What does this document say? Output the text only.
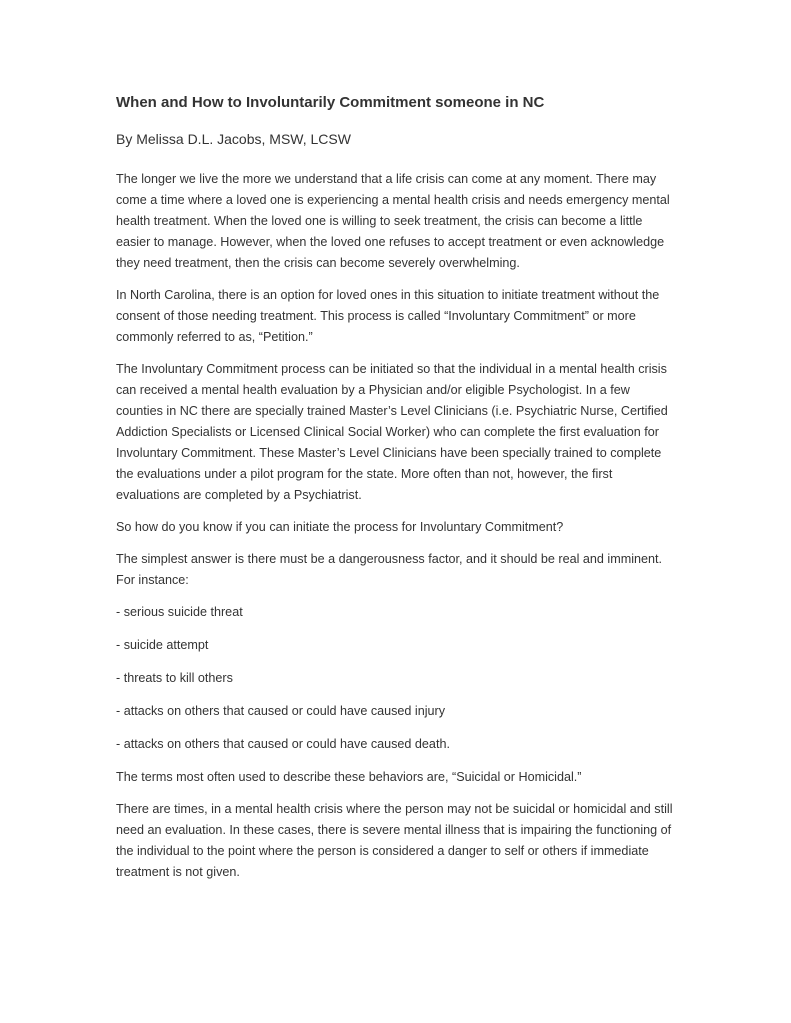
When and How to Involuntarily Commitment someone in NC

By Melissa D.L. Jacobs, MSW, LCSW

The longer we live the more we understand that a life crisis can come at any moment. There may come a time where a loved one is experiencing a mental health crisis and needs emergency mental health treatment. When the loved one is willing to seek treatment, the crisis can become a little easier to manage. However, when the loved one refuses to accept treatment or even acknowledge they need treatment, then the crisis can become severely overwhelming.

In North Carolina, there is an option for loved ones in this situation to initiate treatment without the consent of those needing treatment. This process is called “Involuntary Commitment” or more commonly referred to as, “Petition.”

The Involuntary Commitment process can be initiated so that the individual in a mental health crisis can received a mental health evaluation by a Physician and/or eligible Psychologist. In a few counties in NC there are specially trained Master’s Level Clinicians (i.e. Psychiatric Nurse, Certified Addiction Specialists or Licensed Clinical Social Worker) who can complete the first evaluation for Involuntary Commitment. These Master’s Level Clinicians have been specially trained to complete the evaluations under a pilot program for the state. More often than not, however, the first evaluations are completed by a Psychiatrist.

So how do you know if you can initiate the process for Involuntary Commitment?

The simplest answer is there must be a dangerousness factor, and it should be real and imminent. For instance:

- serious suicide threat

- suicide attempt

- threats to kill others

- attacks on others that caused or could have caused injury

- attacks on others that caused or could have caused death.

The terms most often used to describe these behaviors are, “Suicidal or Homicidal.”

There are times, in a mental health crisis where the person may not be suicidal or homicidal and still need an evaluation. In these cases, there is severe mental illness that is impairing the functioning of the individual to the point where the person is considered a danger to self or others if immediate treatment is not given.
